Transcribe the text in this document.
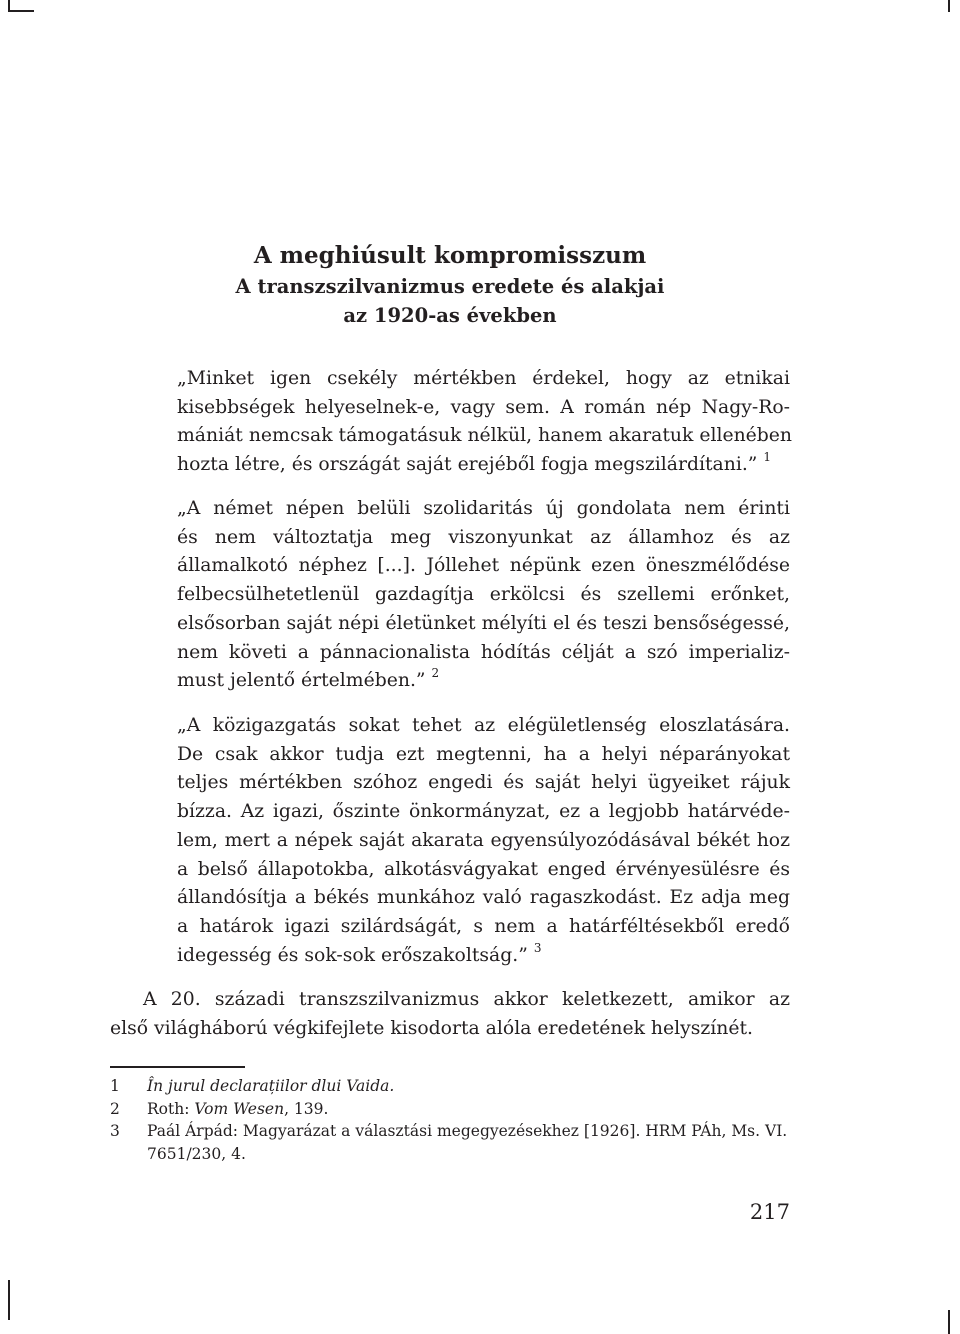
A meghiúsult kompromisszum

A transzszilvanizmus eredete és alakjai

az 1920-as években

„Minket igen csekély mértékben érdekel, hogy az etnikai
kisebbségek helyeselnek-e, vagy sem. A román nép Nagy-Ro-
mániát nemcsak támogatásuk nélkül, hanem akaratuk ellenében
hozta létre, és országát saját erejéből fogja megszilárdítani.” $^1$
„A német népen belüli szolidaritás új gondolata nem érinti
és nem változtatja meg viszonyunkat az államhoz és az
államalkotó néphez [...]. Jóllehet népünk ezen öneszmélődése
felbecsülhetetlenül gazdagítja erkölcsi és szellemi erőnket,
elsősorban saját népi életünket mélyíti el és teszi bensőségessé,
nem követi a pánnacionalista hódítás célját a szó imperializ-
must jelentő értelmében.” $^2$
„A közigazgatás sokat tehet az elégületlenség eloszlatására.
De csak akkor tudja ezt megtenni, ha a helyi néparányokat
teljes mértékben szóhoz engedi és saját helyi ügyeiket rájuk
bízza. Az igazi, őszinte önkormányzat, ez a legjobb határvéde-
lem, mert a népek saját akarata egyensúlyozódásával békét hoz
a belső állapotokba, alkotásvágyakat enged érvényesülésre és
állandósítja a békés munkához való ragaszkodást. Ez adja meg
a határok igazi szilárdságát, s nem a határféltésekből eredő
idegesség és sok-sok erőszakoltság.” $^3$
A 20. századi transzszilvanizmus akkor keletkezett, amikor az
első világháború végkifejlete kisodorta alóla eredetének helyszínét.
1 În jurul declarațiilor dlui Vaida.
2 Roth: Vom Wesen, 139.
3 Paál Árpád: Magyarázat a választási megegyezésekhez [1926]. HRM PÁh, Ms. VI.
7651/230, 4.
217
